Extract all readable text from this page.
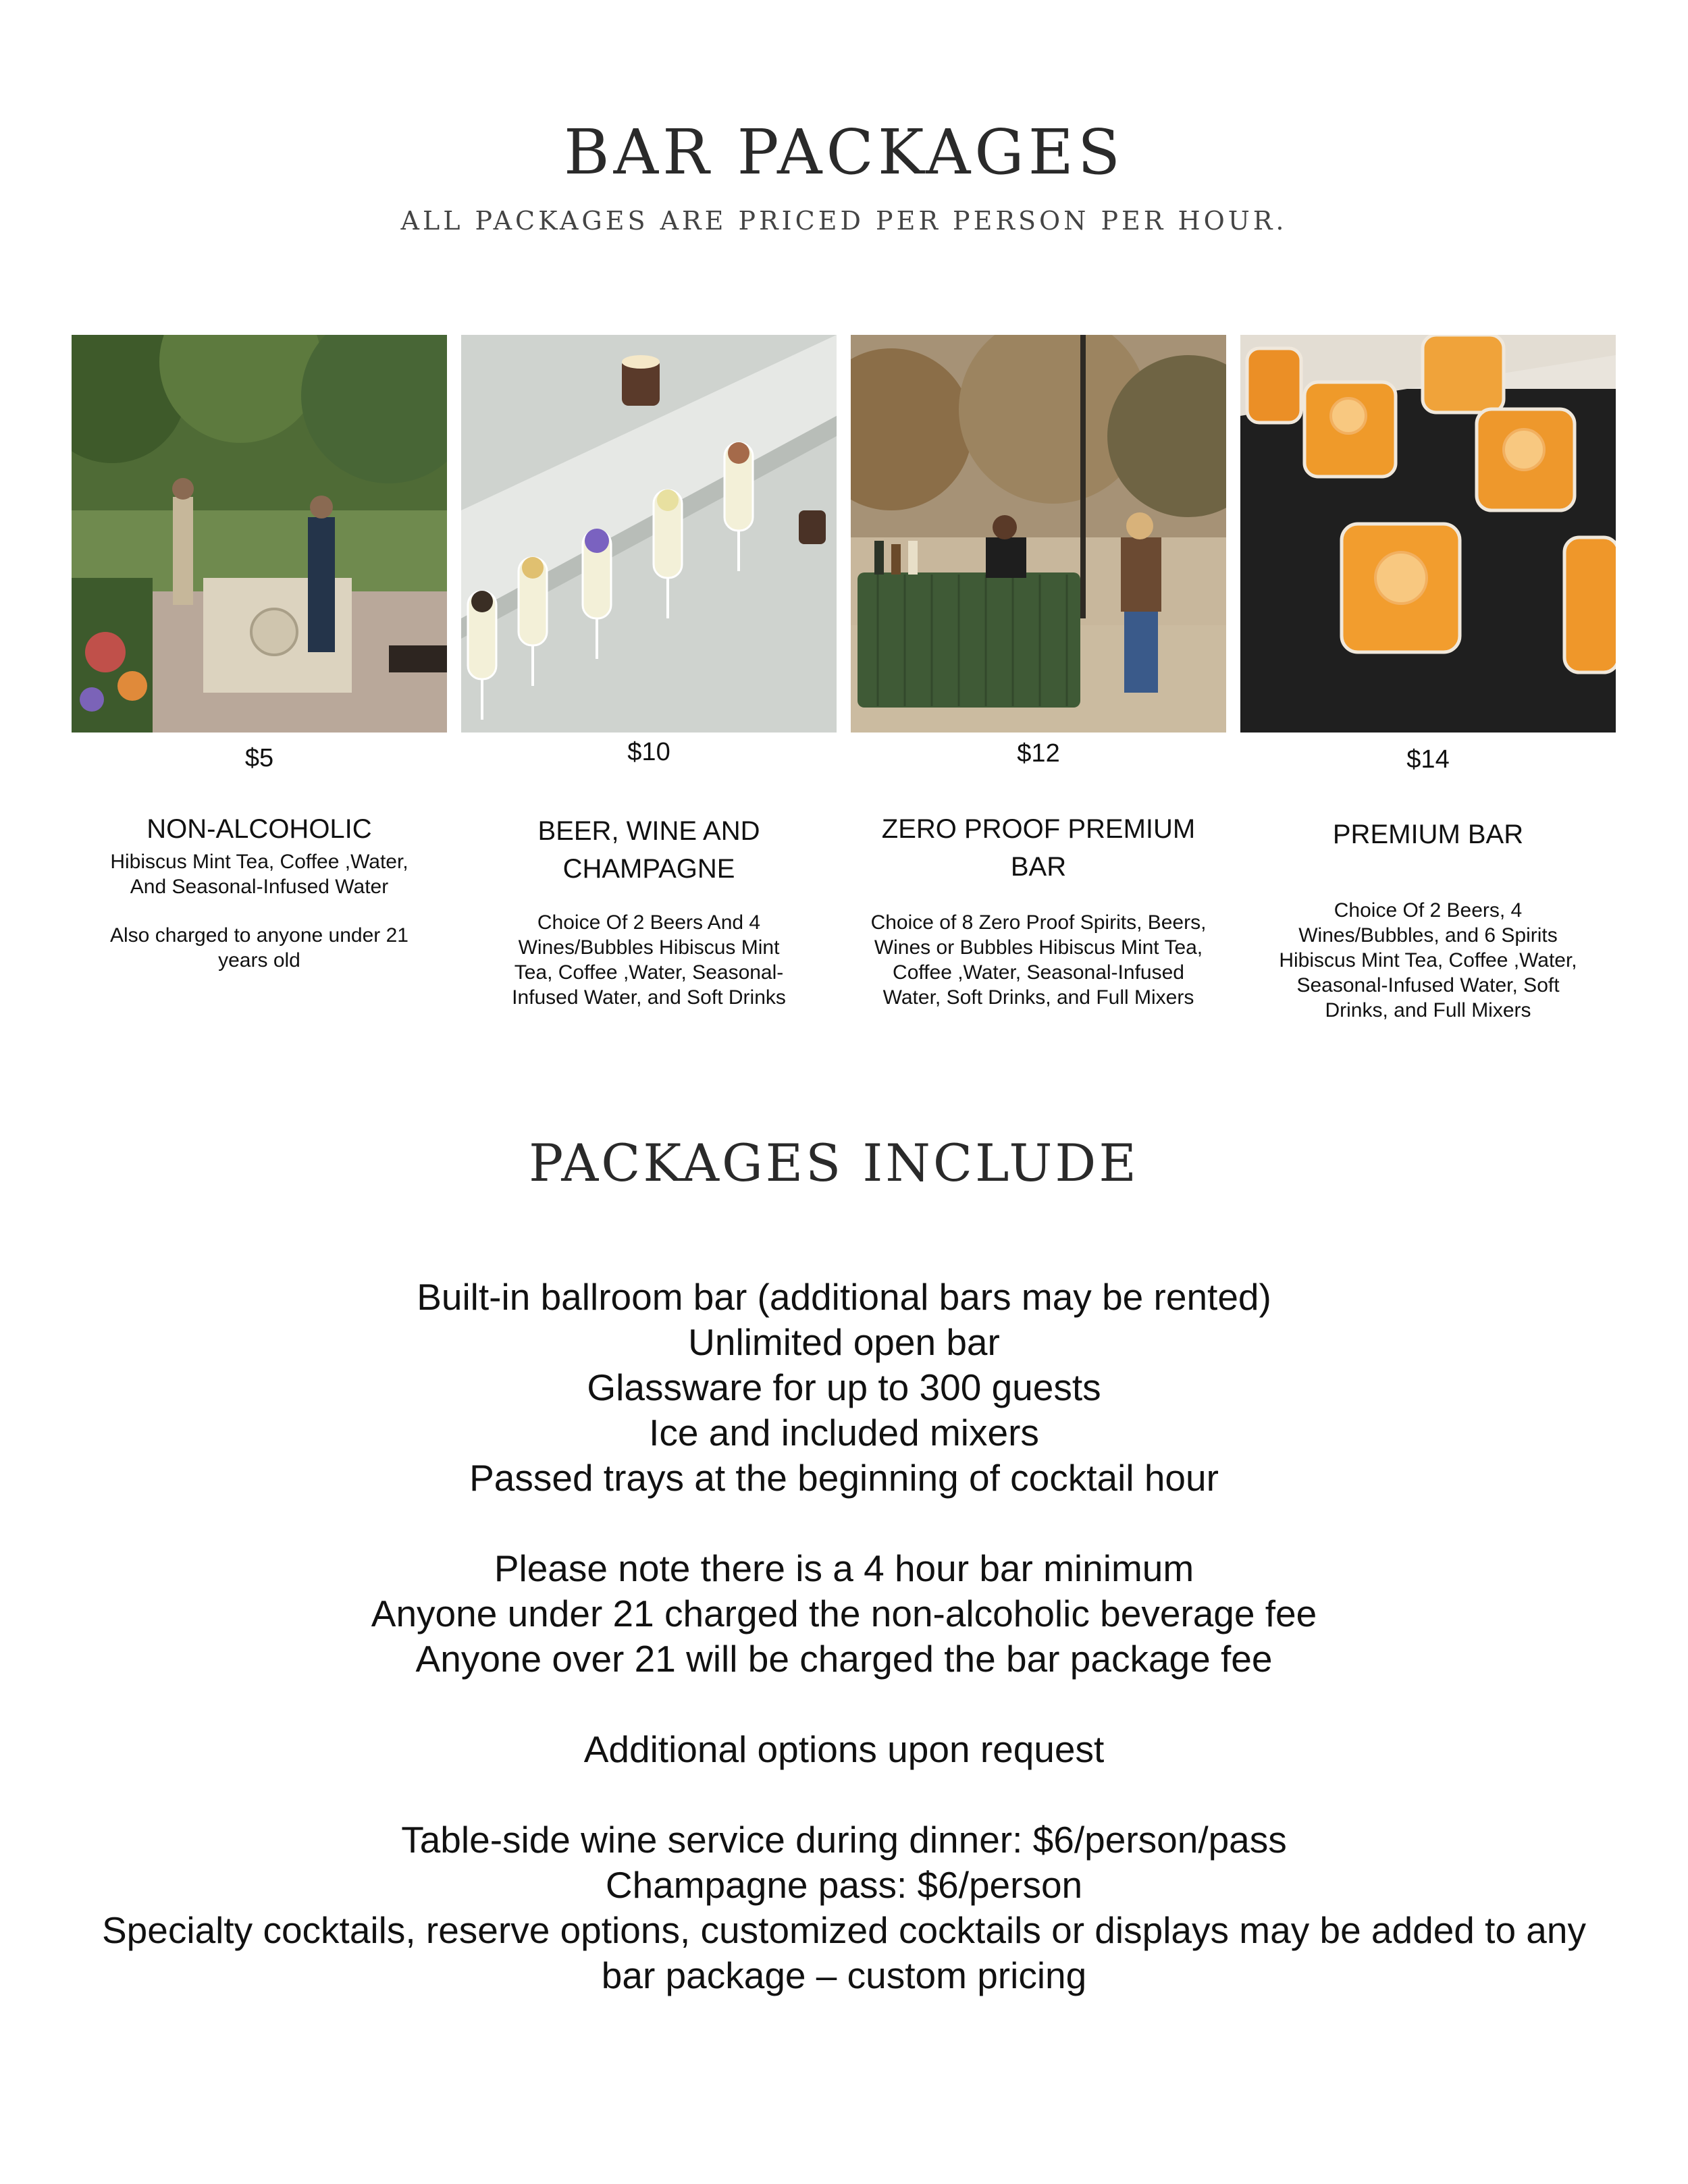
BAR PACKAGES

ALL PACKAGES ARE PRICED PER PERSON PER HOUR.

$5
NON-ALCOHOLIC
Hibiscus Mint Tea, Coffee ,Water, And Seasonal-Infused Water
Also charged to anyone under 21 years old
$10
BEER, WINE AND CHAMPAGNE
Choice Of 2 Beers And 4 Wines/Bubbles Hibiscus Mint Tea, Coffee ,Water, Seasonal-Infused Water, and Soft Drinks
$12
ZERO PROOF PREMIUM BAR
Choice of 8 Zero Proof Spirits, Beers, Wines or Bubbles Hibiscus Mint Tea, Coffee ,Water, Seasonal-Infused Water, Soft Drinks, and Full Mixers
$14
PREMIUM BAR
Choice Of 2 Beers, 4 Wines/Bubbles, and 6 Spirits Hibiscus Mint Tea, Coffee ,Water, Seasonal-Infused Water, Soft Drinks, and Full Mixers
PACKAGES INCLUDE
Built-in ballroom bar (additional bars may be rented)
Unlimited open bar
Glassware for up to 300 guests
Ice and included mixers
Passed trays at the beginning of cocktail hour
Please note there is a 4 hour bar minimum
Anyone under 21 charged the non-alcoholic beverage fee
Anyone over 21 will be charged the bar package fee
Additional options upon request
Table-side wine service during dinner: $6/person/pass
Champagne pass: $6/person
Specialty cocktails, reserve options, customized cocktails or displays may be added to any bar package – custom pricing
